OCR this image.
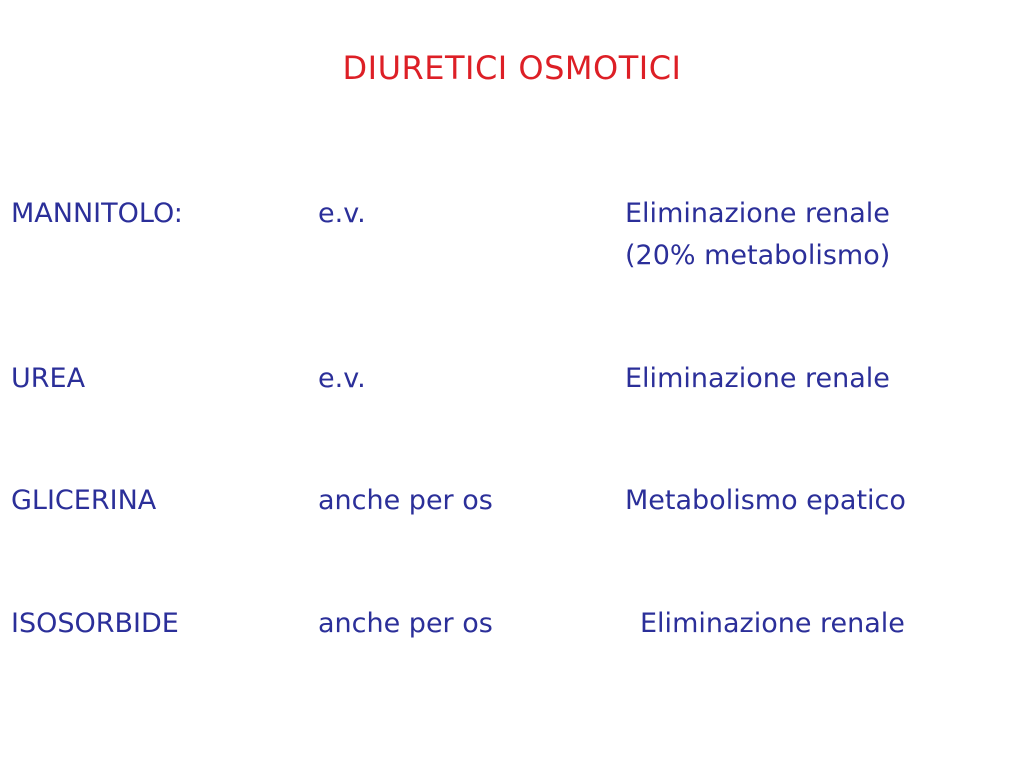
DIURETICI OSMOTICI
MANNITOLO:	e.v.	Eliminazione renale
(20% metabolismo)
UREA	e.v.	Eliminazione renale
GLICERINA	anche per os	Metabolismo epatico
ISOSORBIDE	anche per os	Eliminazione renale
